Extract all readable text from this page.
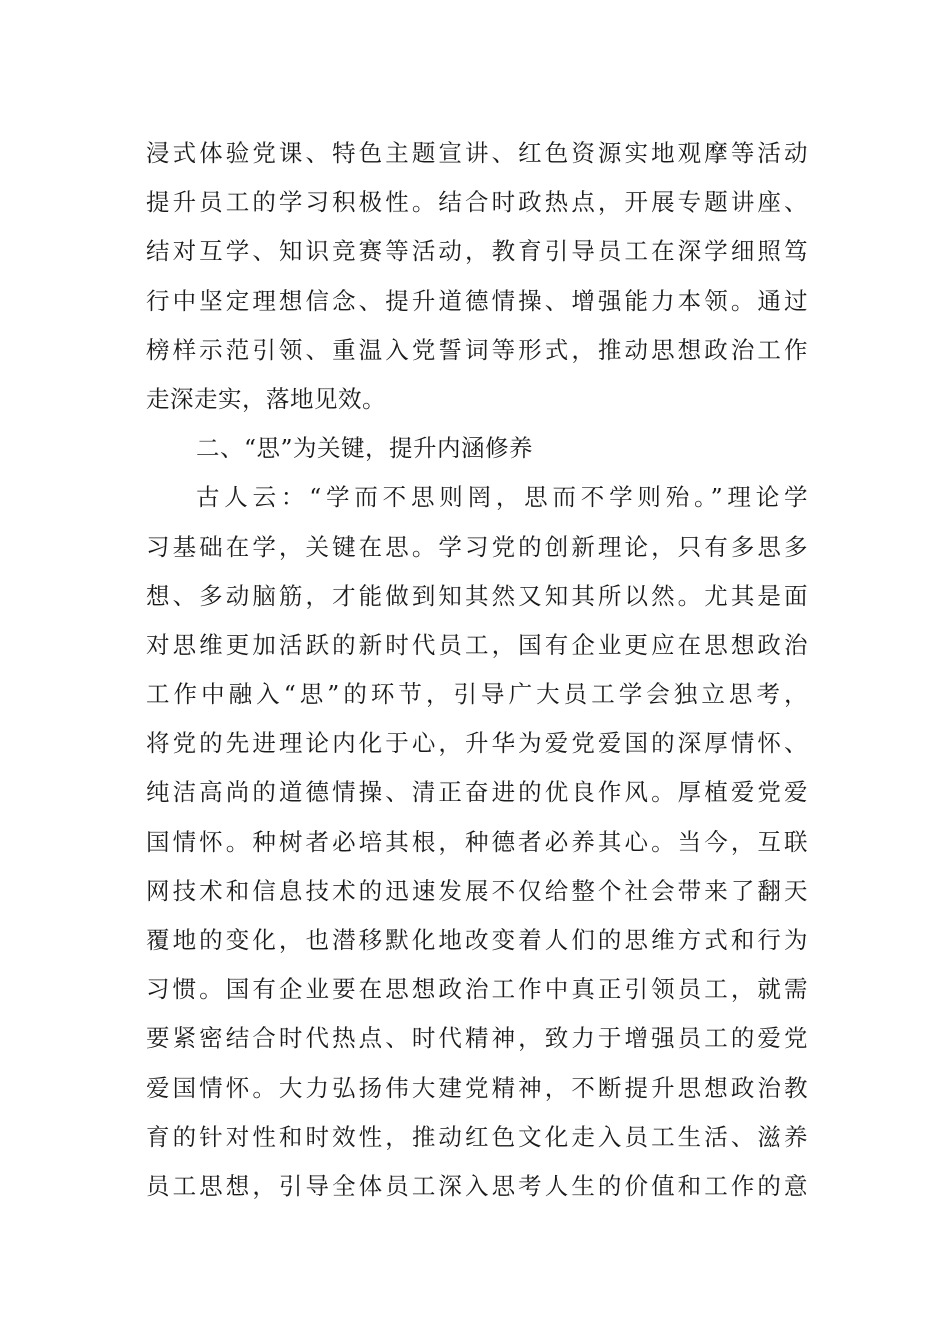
浸式体验党课、特色主题宣讲、红色资源实地观摩等活动
提升员工的学习积极性。结合时政热点，开展专题讲座、
结对互学、知识竞赛等活动，教育引导员工在深学细照笃
行中坚定理想信念、提升道德情操、增强能力本领。通过
榜样示范引领、重温入党誓词等形式，推动思想政治工作
走深走实，落地见效。
二、“思”为关键，提升内涵修养
古人云：“学而不思则罔，思而不学则殆。”理论学
习基础在学，关键在思。学习党的创新理论，只有多思多
想、多动脑筋，才能做到知其然又知其所以然。尤其是面
对思维更加活跃的新时代员工，国有企业更应在思想政治
工作中融入“思”的环节，引导广大员工学会独立思考，
将党的先进理论内化于心，升华为爱党爱国的深厚情怀、
纯洁高尚的道德情操、清正奋进的优良作风。厚植爱党爱
国情怀。种树者必培其根，种德者必养其心。当今，互联
网技术和信息技术的迅速发展不仅给整个社会带来了翻天
覆地的变化，也潜移默化地改变着人们的思维方式和行为
习惯。国有企业要在思想政治工作中真正引领员工，就需
要紧密结合时代热点、时代精神，致力于增强员工的爱党
爱国情怀。大力弘扬伟大建党精神，不断提升思想政治教
育的针对性和时效性，推动红色文化走入员工生活、滋养
员工思想，引导全体员工深入思考人生的价值和工作的意
